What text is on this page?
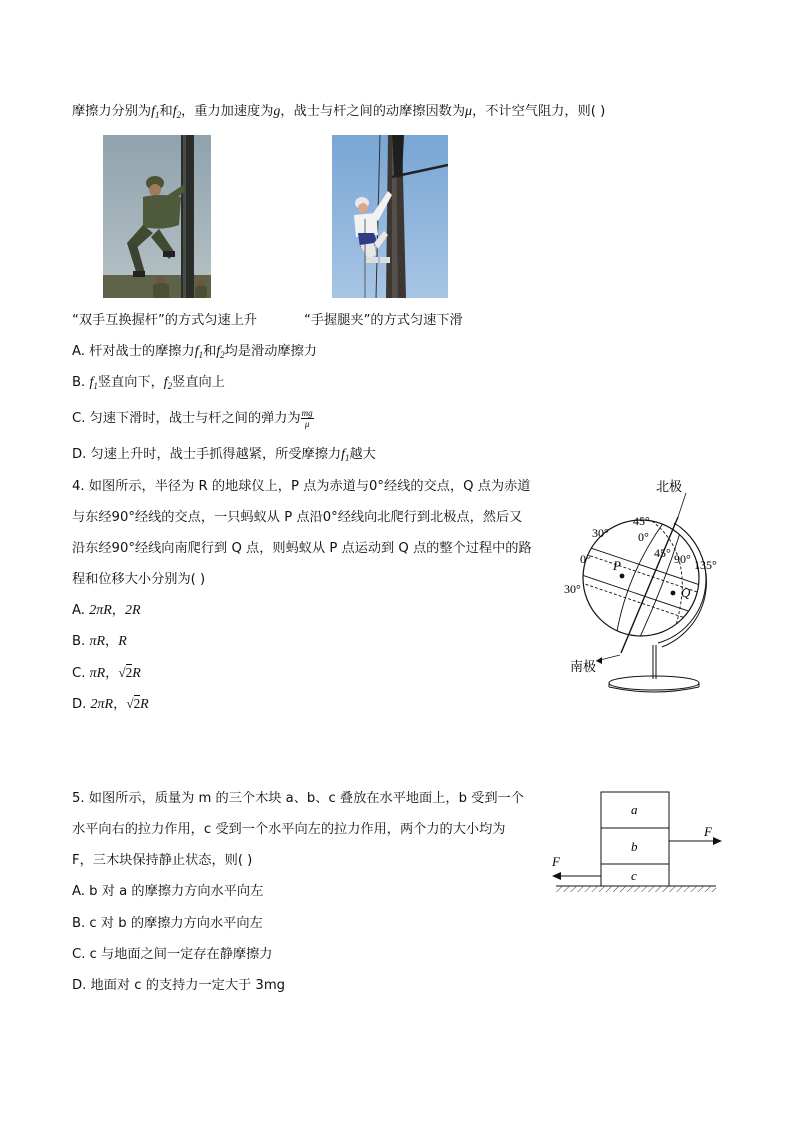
摩擦力分别为$f_1$和$f_2$，重力加速度为g，战士与杆之间的动摩擦因数为μ，不计空气阻力，则( )
“双手互换握杆”的方式匀速上升	“手握腿夹”的方式匀速下滑
A. 杆对战士的摩擦力$f_1$和$f_2$均是滑动摩擦力
B. $f_1$竖直向下，$f_2$竖直向上
C. 匀速下滑时，战士与杆之间的弹力为 $\frac{mg}{\mu}$
D. 匀速上升时，战士手抓得越紧，所受摩擦力$f_1$越大
4. 如图所示，半径为 R 的地球仪上，P 点为赤道与0°经线的交点，Q 点为赤道
与东经90°经线的交点，一只蚂蚁从 P 点沿0°经线向北爬行到北极点，然后又
沿东经90°经线向南爬行到 Q 点，则蚂蚁从 P 点运动到 Q 点的整个过程中的路
程和位移大小分别为( )
A. 2πR，2R
B. πR，R
C. πR，√2R
D. 2πR，√2R
北极
南极
45°
30°
0°
0°
45° 90° 135°
30°
P
Q
5. 如图所示，质量为 m 的三个木块 a、b、c 叠放在水平地面上，b 受到一个
水平向右的拉力作用，c 受到一个水平向左的拉力作用，两个力的大小均为
F，三木块保持静止状态，则( )
A. b 对 a 的摩擦力方向水平向左
B. c 对 b 的摩擦力方向水平向左
C. c 与地面之间一定存在静摩擦力
D. 地面对 c 的支持力一定大于 3mg
a
b
c
F
F
